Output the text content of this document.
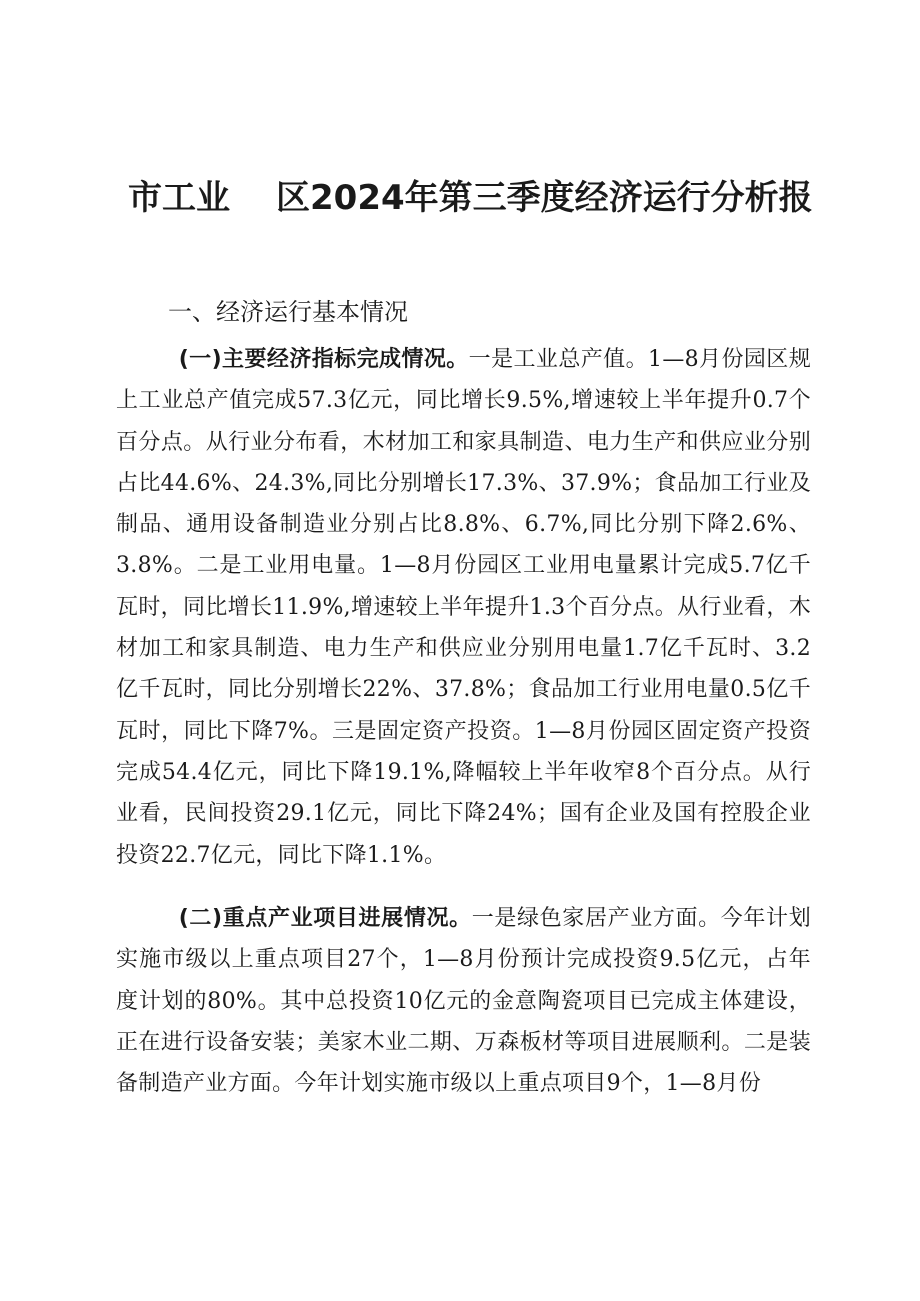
市工业 区2024年第三季度经济运行分析报
一、经济运行基本情况

(一)主要经济指标完成情况。一是工业总产值。1—8月份园区规上工业总产值完成57.3亿元，同比增长9.5%,增速较上半年提升0.7个百分点。从行业分布看，木材加工和家具制造、电力生产和供应业分别占比44.6%、24.3%,同比分别增长17.3%、37.9%；食品加工行业及制品、通用设备制造业分别占比8.8%、6.7%,同比分别下降2.6%、3.8%。二是工业用电量。1—8月份园区工业用电量累计完成5.7亿千瓦时，同比增长11.9%,增速较上半年提升1.3个百分点。从行业看，木材加工和家具制造、电力生产和供应业分别用电量1.7亿千瓦时、3.2亿千瓦时，同比分别增长22%、37.8%；食品加工行业用电量0.5亿千瓦时，同比下降7%。三是固定资产投资。1—8月份园区固定资产投资完成54.4亿元，同比下降19.1%,降幅较上半年收窄8个百分点。从行业看，民间投资29.1亿元，同比下降24%；国有企业及国有控股企业投资22.7亿元，同比下降1.1%。

(二)重点产业项目进展情况。一是绿色家居产业方面。今年计划实施市级以上重点项目27个，1—8月份预计完成投资9.5亿元，占年度计划的80%。其中总投资10亿元的金意陶瓷项目已完成主体建设，正在进行设备安装；美家木业二期、万森板材等项目进展顺利。二是装备制造产业方面。今年计划实施市级以上重点项目9个，1—8月份
